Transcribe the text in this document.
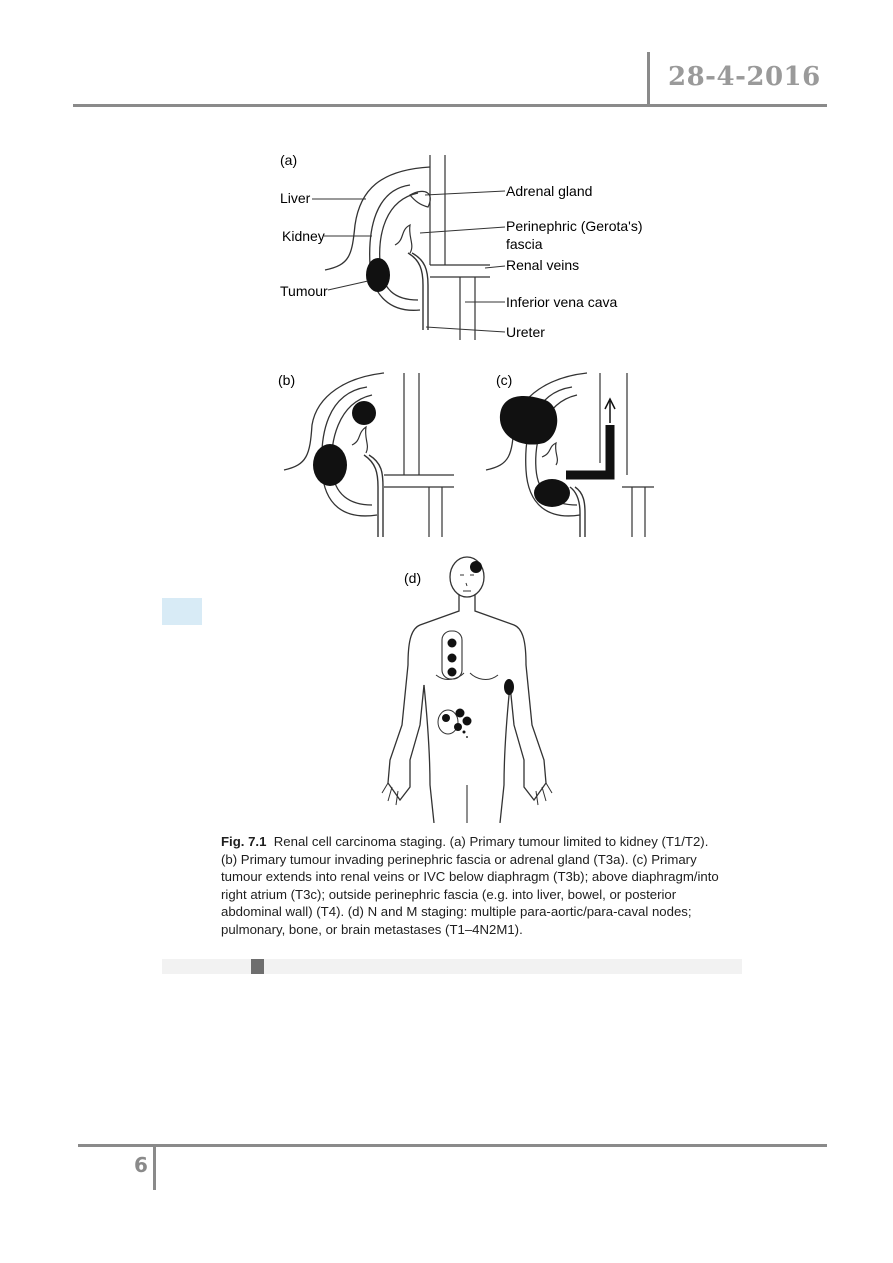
28-4-2016
(a)
Liver
Kidney
Tumour
Adrenal gland
Perinephric (Gerota's)
fascia
Renal veins
Inferior vena cava
Ureter
(b)	(c)
(d)
Fig. 7.1 Renal cell carcinoma staging. (a) Primary tumour limited to kidney (T1/T2). (b) Primary tumour invading perinephric fascia or adrenal gland (T3a). (c) Primary tumour extends into renal veins or IVC below diaphragm (T3b); above diaphragm/into right atrium (T3c); outside perinephric fascia (e.g. into liver, bowel, or posterior abdominal wall) (T4). (d) N and M staging: multiple para-aortic/para-caval nodes; pulmonary, bone, or brain metastases (T1–4N2M1).
6
